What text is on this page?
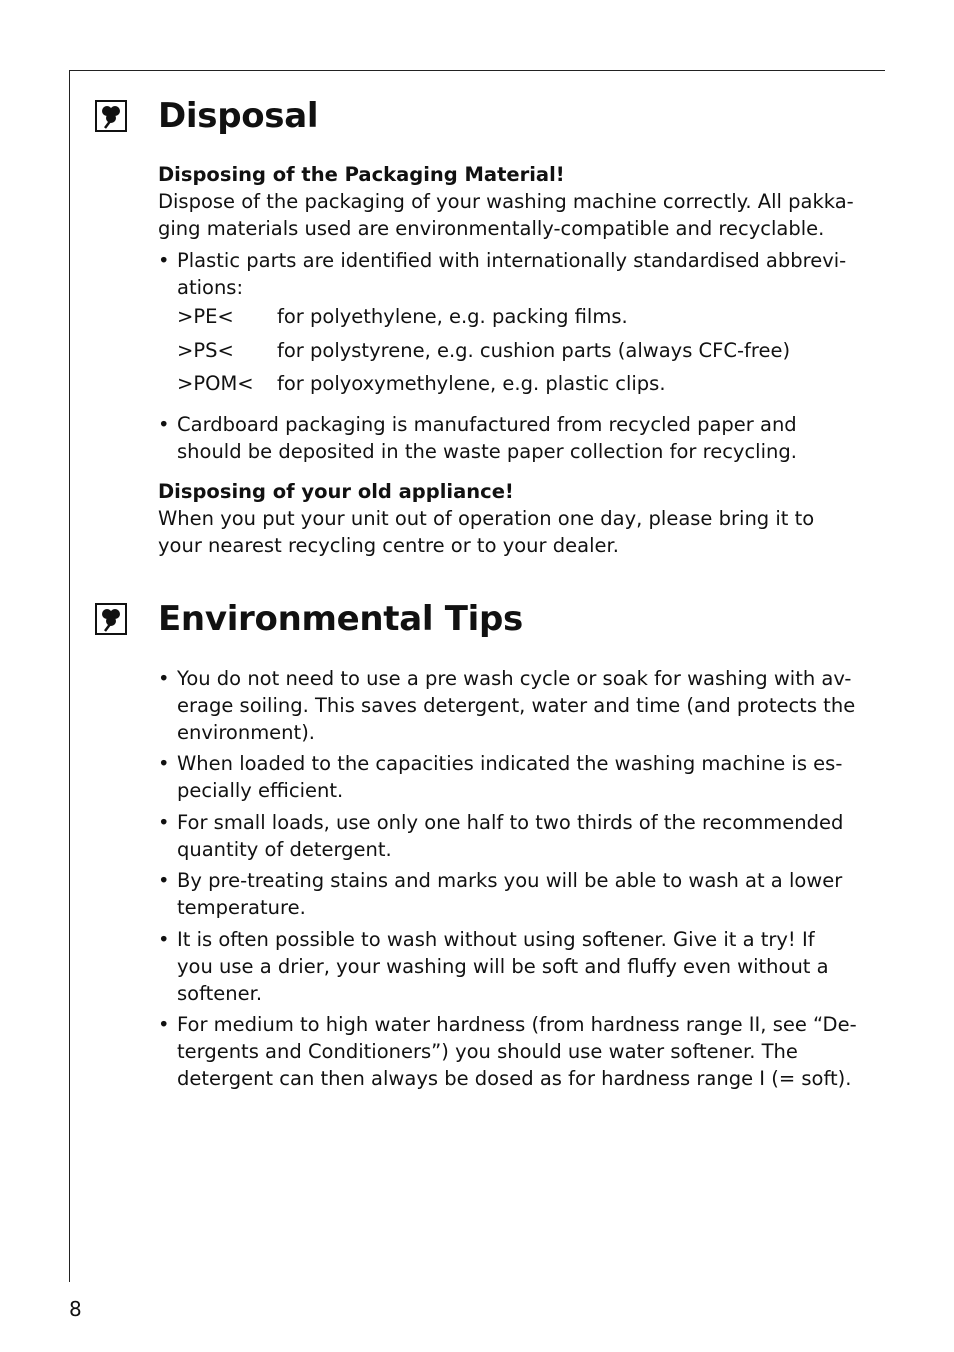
Disposal

Disposing of the Packaging Material!

Dispose of the packaging of your washing machine correctly. All pakka-

ging materials used are environmentally-compatible and recyclable.

• Plastic parts are identified with internationally standardised abbrevi-
ations:
>PE<	for polyethylene, e.g. packing films.
>PS<	for polystyrene, e.g. cushion parts (always CFC-free)
>POM<	for polyoxymethylene, e.g. plastic clips.
• Cardboard packaging is manufactured from recycled paper and
should be deposited in the waste paper collection for recycling.

Disposing of your old appliance!

When you put your unit out of operation one day, please bring it to

your nearest recycling centre or to your dealer.

Environmental Tips
• You do not need to use a pre wash cycle or soak for washing with av-
erage soiling. This saves detergent, water and time (and protects the
environment).
• When loaded to the capacities indicated the washing machine is es-
pecially efficient.
• For small loads, use only one half to two thirds of the recommended
quantity of detergent.
• By pre-treating stains and marks you will be able to wash at a lower
temperature.
• It is often possible to wash without using softener. Give it a try! If
you use a drier, your washing will be soft and fluffy even without a
softener.
• For medium to high water hardness (from hardness range II, see “De-
tergents and Conditioners”) you should use water softener. The
detergent can then always be dosed as for hardness range I (= soft).
8
